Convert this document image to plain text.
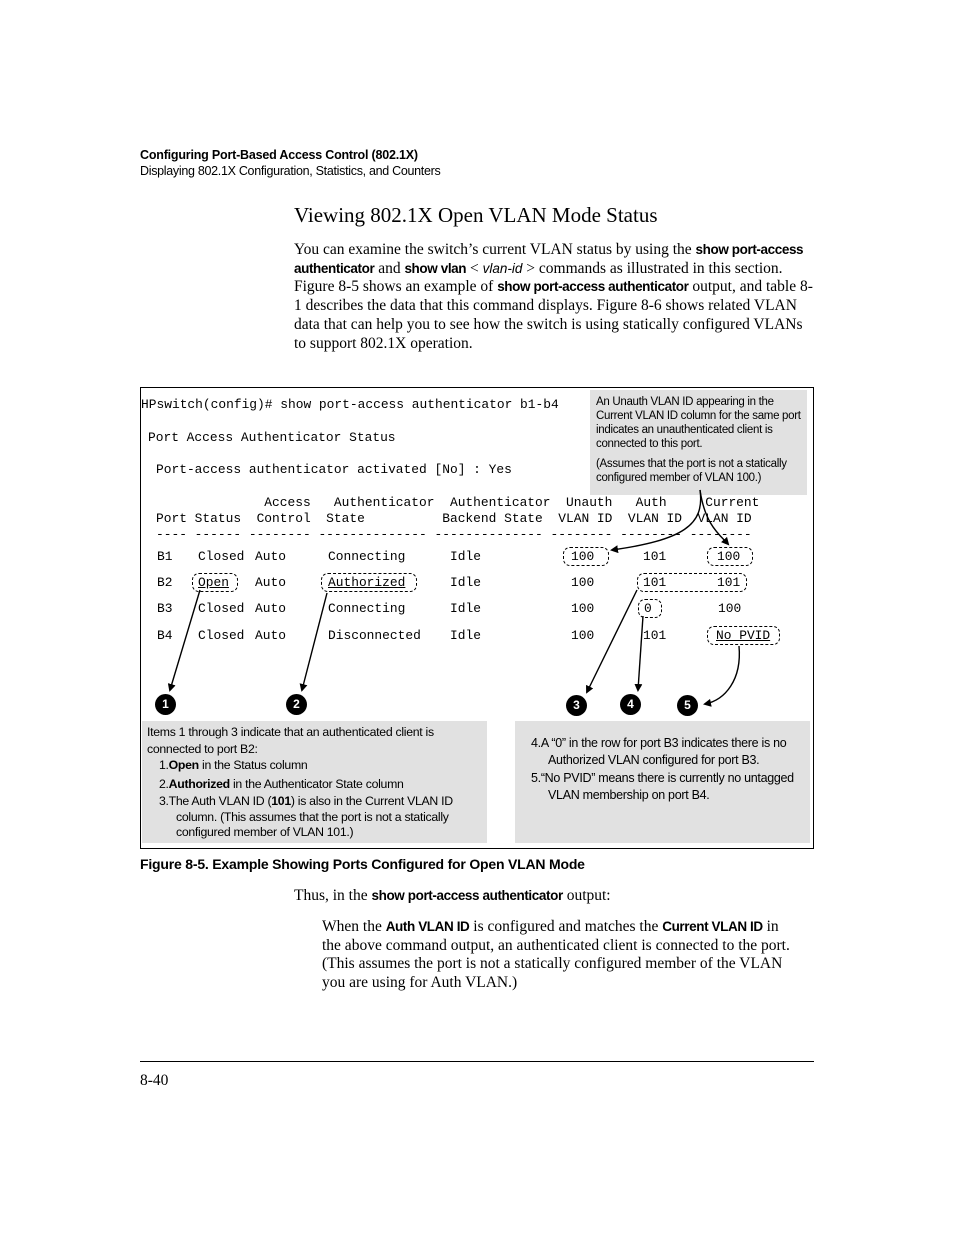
Configuring Port-Based Access Control (802.1X)
Displaying 802.1X Configuration, Statistics, and Counters
Viewing 802.1X Open VLAN Mode Status
You can examine the switch’s current VLAN status by using the show port-access authenticator and show vlan < vlan-id > commands as illustrated in this section. Figure 8-5 shows an example of show port-access authenticator output, and table 8-1 describes the data that this command displays. Figure 8-6 shows related VLAN data that can help you to see how the switch is using statically configured VLANs to support 802.1X operation.
An Unauth VLAN ID appearing in the Current VLAN ID column for the same port indicates an unauthenticated client is connected to this port.
(Assumes that the port is not a statically configured member of VLAN 100.)
HPswitch(config)# show port-access authenticator b1-b4
Port Access Authenticator Status
Port-access authenticator activated [No] : Yes
Access   Authenticator  Authenticator  Unauth   Auth     Current
Port Status  Control  State          Backend State  VLAN ID  VLAN ID  VLAN ID
---- ------ -------- -------------- -------------- -------- -------- --------
B1 Closed Auto	Connecting	Idle	100	101	100
B2 Open Auto	Authorized	Idle	100	101	101
B3 Closed Auto	Connecting	Idle	100	0	100
B4 Closed Auto	Disconnected Idle	100	101	No PVID
1	2	3	4	5
Items 1 through 3 indicate that an authenticated client is connected to port B2:
1.Open in the Status column
2.Authorized in the Authenticator State column
3.The Auth VLAN ID (101) is also in the Current VLAN ID column. (This assumes that the port is not a statically configured member of VLAN 101.)
4.A “0” in the row for port B3 indicates there is no Authorized VLAN configured for port B3.
5.“No PVID” means there is currently no untagged VLAN membership on port B4.
Figure 8-5. Example Showing Ports Configured for Open VLAN Mode
Thus, in the show port-access authenticator output:
When the Auth VLAN ID is configured and matches the Current VLAN ID in the above command output, an authenticated client is connected to the port. (This assumes the port is not a statically configured member of the VLAN you are using for Auth VLAN.)
8-40
